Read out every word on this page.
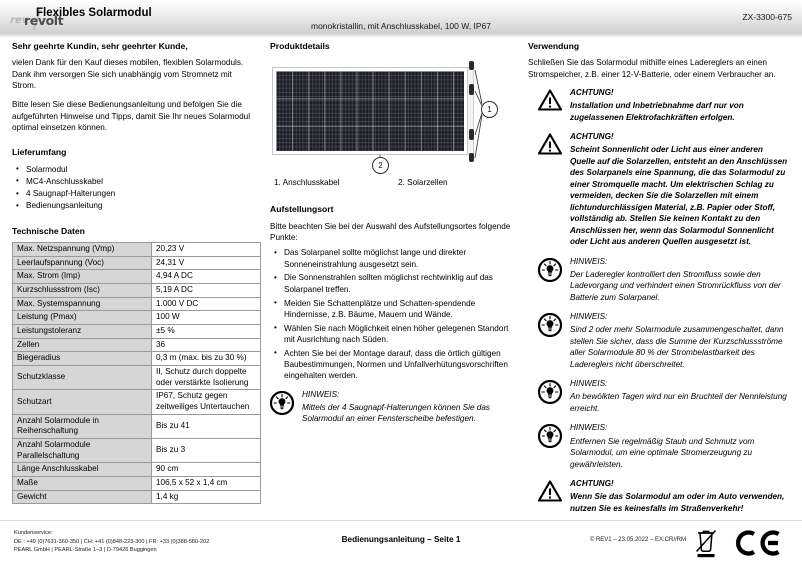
rev
revolt
Flexibles Solarmodul
monokristallin, mit Anschlusskabel, 100 W, IP67
ZX-3300-675
Sehr geehrte Kundin, sehr geehrter Kunde,

vielen Dank für den Kauf dieses mobilen, flexiblen Solarmoduls. Dank ihm versorgen Sie sich unabhängig vom Stromnetz mit Strom.

Bitte lesen Sie diese Bedienungsanleitung und befolgen Sie die aufgeführten Hinweise und Tipps, damit Sie Ihr neues Solarmodul optimal einsetzen können.

Lieferumfang
• Solarmodul
• MC4-Anschlusskabel
• 4 Saugnapf-Halterungen
• Bedienungsanleitung
Technische Daten
Max. Netzspannung (Vmp)	20,23 V
Leerlaufspannung (Voc)	24,31 V
Max. Strom (Imp)	4,94 A DC
Kurzschlussstrom (Isc)	5,19 A DC
Max. Systemspannung	1.000 V DC
Leistung (Pmax)	100 W
Leistungstoleranz	±5 %
Zellen	36
Biegeradius	0,3 m (max. bis zu 30 %)
Schutzklasse	II, Schutz durch doppelte oder verstärkte Isolierung
Schutzart	IP67, Schutz gegen zeitweiliges Untertauchen
Anzahl Solarmodule in Reihenschaltung	Bis zu 41
Anzahl Solarmodule Parallelschaltung	Bis zu 3
Länge Anschlusskabel	90 cm
Maße	106,5 x 52 x 1,4 cm
Gewicht	1,4 kg
Produktdetails
1
2
1. Anschlusskabel	2. Solarzellen
Aufstellungsort

Bitte beachten Sie bei der Auswahl des Aufstellungsortes folgende Punkte:

• Das Solarpanel sollte möglichst lange und direkter Sonneneinstrahlung ausgesetzt sein.
• Die Sonnenstrahlen sollten möglichst rechtwinklig auf das Solarpanel treffen.
• Meiden Sie Schattenplätze und Schatten-spendende Hindernisse, z.B. Bäume, Mauern und Wände.
• Wählen Sie nach Möglichkeit einen höher gelegenen Standort mit Ausrichtung nach Süden.
• Achten Sie bei der Montage darauf, dass die örtlich gültigen Baubestimmungen, Normen und Unfallverhütungsvorschriften eingehalten werden.

HINWEIS:

Mittels der 4 Saugnapf-Halterungen können Sie das Solarmodul an einer Fensterscheibe befestigen.

Verwendung

Schließen Sie das Solarmodul mithilfe eines Ladereglers an einen Stromspeicher, z.B. einer 12-V-Batterie, oder einem Verbraucher an.

ACHTUNG!

Installation und Inbetriebnahme darf nur von zugelassenen Elektrofachkräften erfolgen.

ACHTUNG!

Scheint Sonnenlicht oder Licht aus einer anderen Quelle auf die Solarzellen, entsteht an den Anschlüssen des Solarpanels eine Spannung, die das Solarmodul zu einer Stromquelle macht. Um elektrischen Schlag zu vermeiden, decken Sie die Solarzellen mit einem lichtundurchlässigen Material, z.B. Papier oder Stoff, vollständig ab. Stellen Sie keinen Kontakt zu den Anschlüssen her, wenn das Solarmodul Sonnenlicht oder Licht aus anderen Quellen ausgesetzt ist.

HINWEIS:

Der Laderegler kontrolliert den Stromfluss sowie den Ladevorgang und verhindert einen Stromrückfluss von der Batterie zum Solarpanel.

HINWEIS:

Sind 2 oder mehr Solarmodule zusammengeschaltet, dann stellen Sie sicher, dass die Summe der Kurzschlussströme aller Solarmodule 80 % der Strombelastbarkeit des Ladereglers nicht überschreitet.

HINWEIS:

An bewölkten Tagen wird nur ein Bruchteil der Nennleistung erreicht.

HINWEIS:

Entfernen Sie regelmäßig Staub und Schmutz vom Solarmodul, um eine optimale Stromerzeugung zu gewährleisten.

ACHTUNG!

Wenn Sie das Solarmodul am oder im Auto verwenden, nutzen Sie es keinesfalls im Straßenverkehr!

Kundenservice:
DE : +49 (0)7631-360-350 | CH: +41 (0)848-223-300 | FR: +33 (0)388-580-202
PEARL GmbH | PEARL-Straße 1–3 | D-79426 Buggingen
Bedienungsanleitung – Seite 1	© REV1 – 23.05.2022 – EX:CR//RM
